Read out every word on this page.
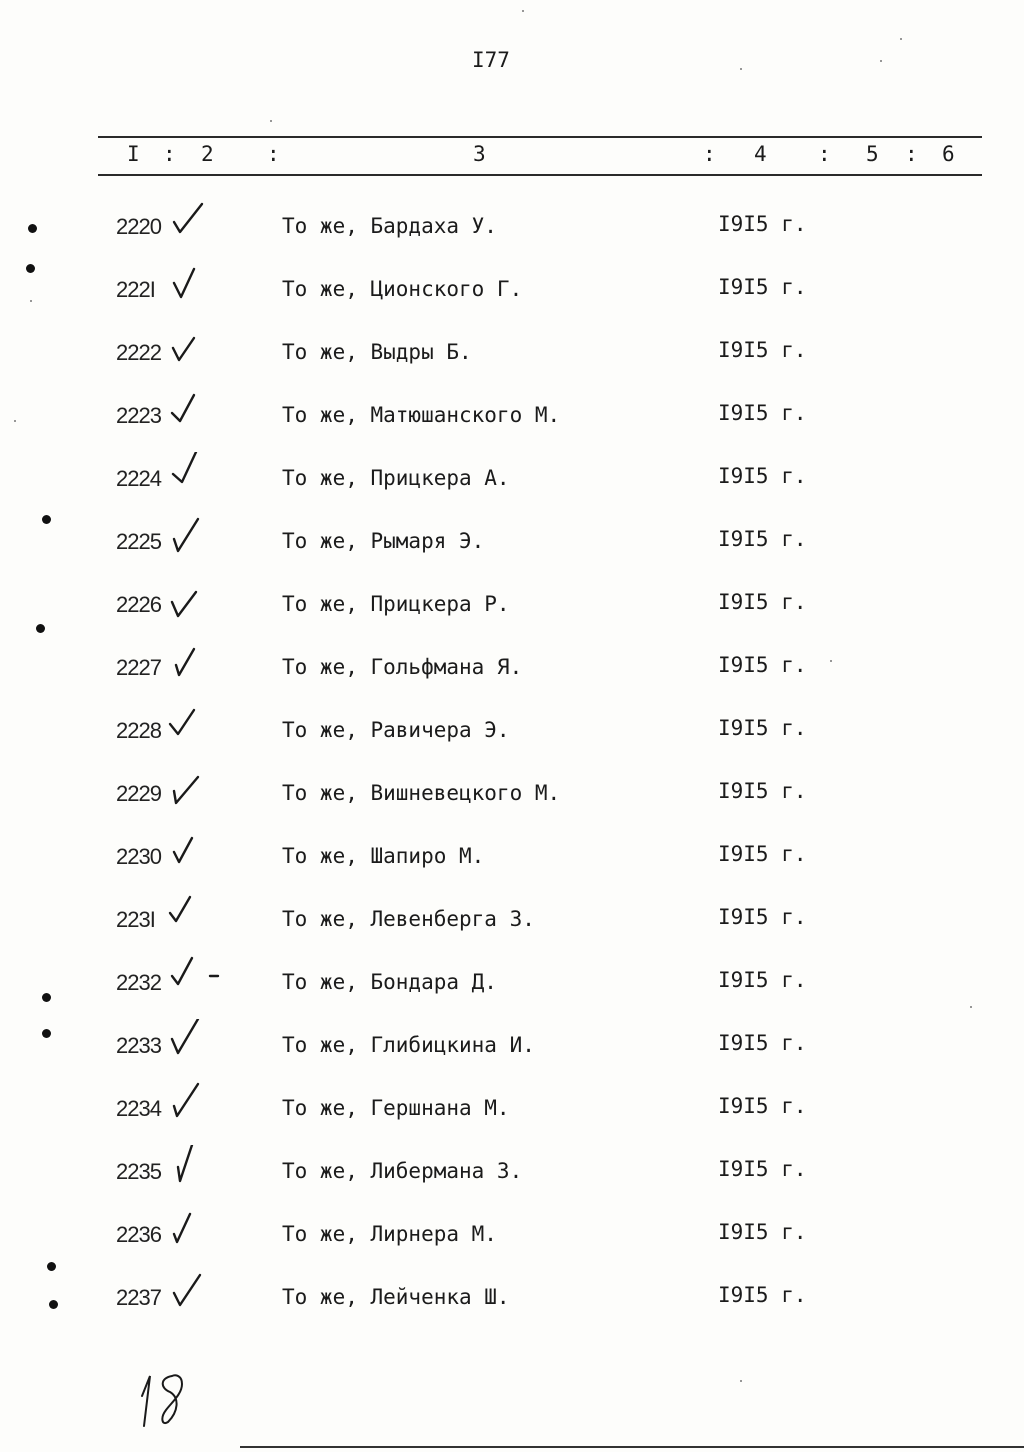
I77
I : 2	:	3	: 4 : 5 : 6
2220	То же, Бардаха У.	I9I5 г.
222I	То же, Ционского Г.	I9I5 г.
2222	То же, Выдры Б.	I9I5 г.
2223	То же, Матюшанского М.	I9I5 г.
2224	То же, Прицкера А.	I9I5 г.
2225	То же, Рымаря Э.	I9I5 г.
2226	То же, Прицкера Р.	I9I5 г.
2227	То же, Гольфмана Я.	I9I5 г.
2228	То же, Равичера Э.	I9I5 г.
2229	То же, Вишневецкого М.	I9I5 г.
2230	То же, Шапиро М.	I9I5 г.
223I	То же, Левенберга З.	I9I5 г.
2232	То же, Бондара Д.	I9I5 г.
2233	То же, Глибицкина И.	I9I5 г.
2234	То же, Гершнана М.	I9I5 г.
2235	То же, Либермана З.	I9I5 г.
2236	То же, Лирнера М.	I9I5 г.
2237	То же, Лейченка Ш.	I9I5 г.
